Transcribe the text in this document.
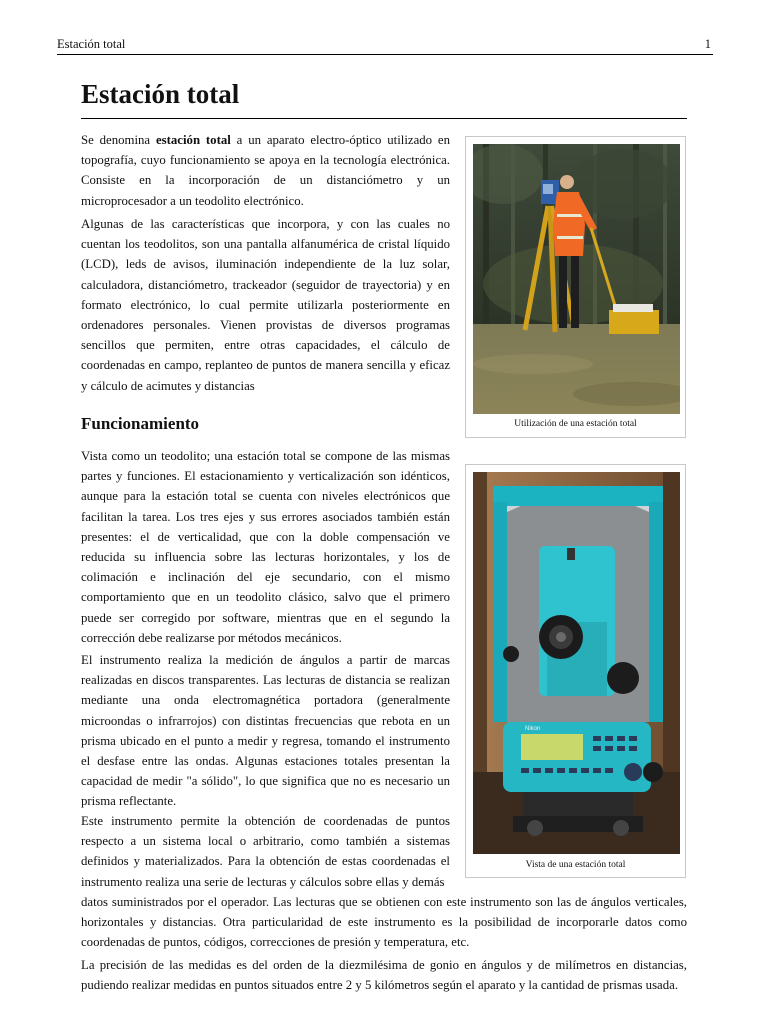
Estación total	1
Estación total

Se denomina estación total a un aparato electro-óptico utilizado en topografía, cuyo funcionamiento se apoya en la tecnología electrónica. Consiste en la incorporación de un distanciómetro y un microprocesador a un teodolito electrónico.

Algunas de las características que incorpora, y con las cuales no cuentan los teodolitos, son una pantalla alfanumérica de cristal líquido (LCD), leds de avisos, iluminación independiente de la luz solar, calculadora, distanciómetro, trackeador (seguidor de trayectoria) y en formato electrónico, lo cual permite utilizarla posteriormente en ordenadores personales. Vienen provistas de diversos programas sencillos que permiten, entre otras capacidades, el cálculo de coordenadas en campo, replanteo de puntos de manera sencilla y eficaz y cálculo de acimutes y distancias

Funcionamiento

Vista como un teodolito; una estación total se compone de las mismas partes y funciones. El estacionamiento y verticalización son idénticos, aunque para la estación total se cuenta con niveles electrónicos que facilitan la tarea. Los tres ejes y sus errores asociados también están presentes: el de verticalidad, que con la doble compensación ve reducida su influencia sobre las lecturas horizontales, y los de colimación e inclinación del eje secundario, con el mismo comportamiento que en un teodolito clásico, salvo que el primero puede ser corregido por software, mientras que en el segundo la corrección debe realizarse por métodos mecánicos.

El instrumento realiza la medición de ángulos a partir de marcas realizadas en discos transparentes. Las lecturas de distancia se realizan mediante una onda electromagnética portadora (generalmente microondas o infrarrojos) con distintas frecuencias que rebota en un prisma ubicado en el punto a medir y regresa, tomando el instrumento el desfase entre las ondas. Algunas estaciones totales presentan la capacidad de medir "a sólido", lo que significa que no es necesario un prisma reflectante.

Este instrumento permite la obtención de coordenadas de puntos respecto a un sistema local o arbitrario, como también a sistemas definidos y materializados. Para la obtención de estas coordenadas el instrumento realiza una serie de lecturas y cálculos sobre ellas y demás

datos suministrados por el operador. Las lecturas que se obtienen con este instrumento son las de ángulos verticales, horizontales y distancias. Otra particularidad de este instrumento es la posibilidad de incorporarle datos como coordenadas de puntos, códigos, correcciones de presión y temperatura, etc.

La precisión de las medidas es del orden de la diezmilésima de gonio en ángulos y de milímetros en distancias, pudiendo realizar medidas en puntos situados entre 2 y 5 kilómetros según el aparato y la cantidad de prismas usada.

Utilización de una estación total
Nikon
Vista de una estación total
